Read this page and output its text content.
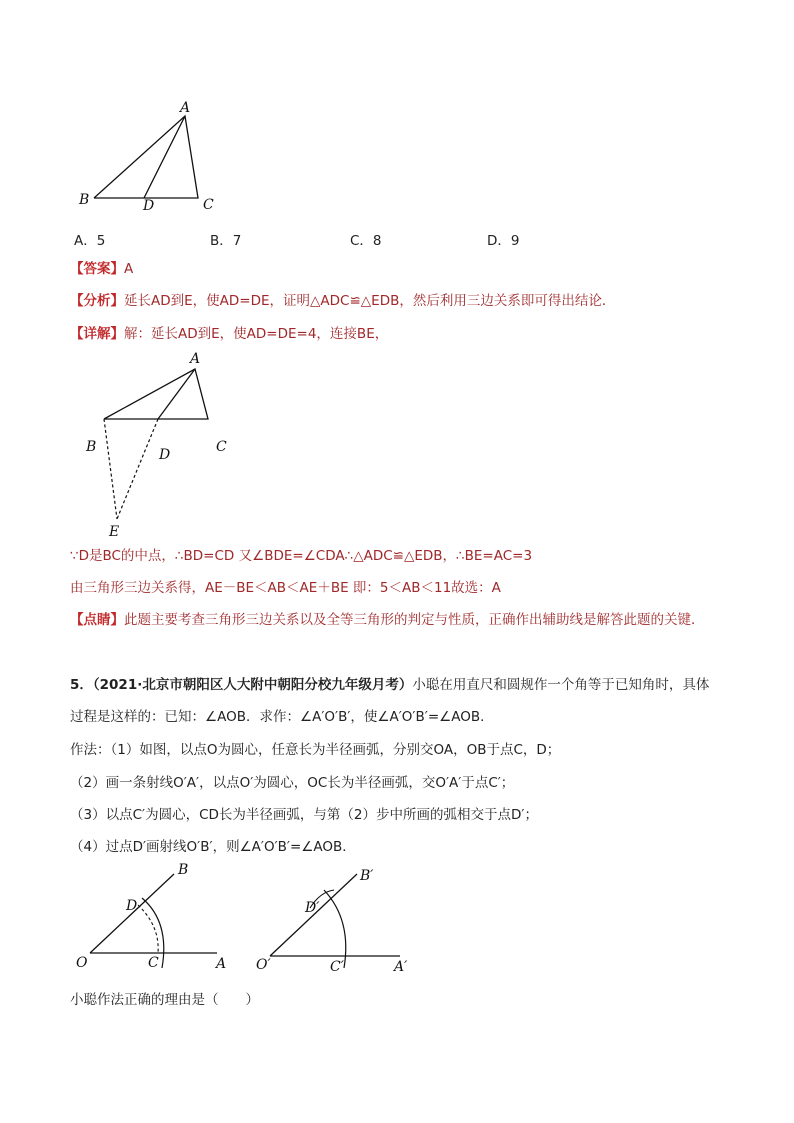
A
B	D	C
A．5	B．7	C．8	D．9
【答案】A
【分析】延长AD到E，使AD=DE，证明△ADC≌△EDB，然后利用三边关系即可得出结论．
【详解】解：延长AD到E，使AD=DE=4，连接BE，
A
B	D	C
E
∵D是BC的中点，∴BD=CD 又∠BDE=∠CDA∴△ADC≌△EDB，∴BE=AC=3
由三角形三边关系得，AE－BE＜AB＜AE＋BE 即：5＜AB＜11故选：A
【点睛】此题主要考查三角形三边关系以及全等三角形的判定与性质，正确作出辅助线是解答此题的关键．
5．（2021·北京市朝阳区人大附中朝阳分校九年级月考）小聪在用直尺和圆规作一个角等于已知角时，具体
过程是这样的：已知：∠AOB．求作：∠A′O′B′，使∠A′O′B′=∠AOB．
作法：（1）如图，以点O为圆心，任意长为半径画弧，分别交OA，OB于点C，D；
（2）画一条射线O′A′，以点O′为圆心，OC长为半径画弧，交O′A′于点C′；
（3）以点C′为圆心，CD长为半径画弧，与第（2）步中所画的弧相交于点D′；
（4）过点D′画射线O′B′，则∠A′O′B′=∠AOB．
O	A
B
C
D
O′	A′
B′
C′
D′
小聪作法正确的理由是（　　）
